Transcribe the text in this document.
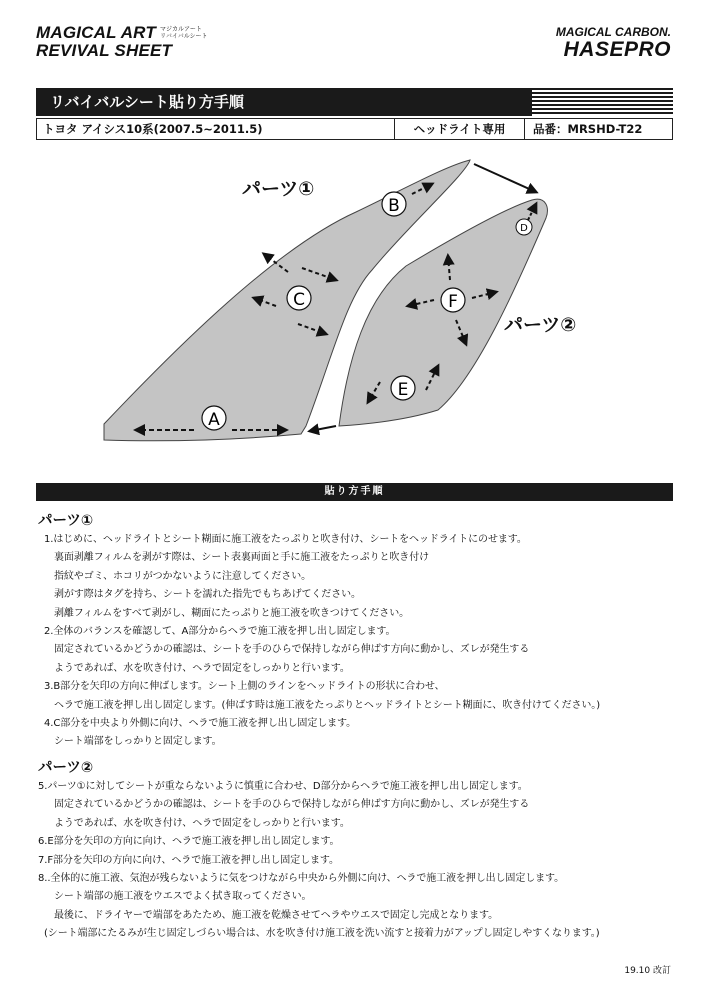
MAGICAL ART
REVIVAL SHEET
マジカルアート
リバイバルシート	MAGICAL CARBON.
HASEPRO
リバイバルシート貼り方手順
トヨタ アイシス10系(2007.5~2011.5)	ヘッドライト専用	品番：MRSHD-T22
パーツ①
パーツ②
A
B
C
D
E
F
貼り方手順
パーツ①
1.はじめに、ヘッドライトとシート糊面に施工液をたっぷりと吹き付け、シートをヘッドライトにのせます。
裏面剥離フィルムを剥がす際は、シート表裏両面と手に施工液をたっぷりと吹き付け
指紋やゴミ、ホコリがつかないように注意してください。
剥がす際はタグを持ち、シートを濡れた指先でもちあげてください。
剥離フィルムをすべて剥がし、糊面にたっぷりと施工液を吹きつけてください。
2.全体のバランスを確認して、A部分からヘラで施工液を押し出し固定します。
固定されているかどうかの確認は、シートを手のひらで保持しながら伸ばす方向に動かし、ズレが発生する
ようであれば、水を吹き付け、ヘラで固定をしっかりと行います。
3.B部分を矢印の方向に伸ばします。シート上側のラインをヘッドライトの形状に合わせ、
ヘラで施工液を押し出し固定します。(伸ばす時は施工液をたっぷりとヘッドライトとシート糊面に、吹き付けてください。)
4.C部分を中央より外側に向け、ヘラで施工液を押し出し固定します。
シート端部をしっかりと固定します。
パーツ②
5.パーツ①に対してシートが重ならないように慎重に合わせ、D部分からヘラで施工液を押し出し固定します。
固定されているかどうかの確認は、シートを手のひらで保持しながら伸ばす方向に動かし、ズレが発生する
ようであれば、水を吹き付け、ヘラで固定をしっかりと行います。
6.E部分を矢印の方向に向け、ヘラで施工液を押し出し固定します。
7.F部分を矢印の方向に向け、ヘラで施工液を押し出し固定します。
8..全体的に施工液、気泡が残らないように気をつけながら中央から外側に向け、ヘラで施工液を押し出し固定します。
シート端部の施工液をウエスでよく拭き取ってください。
最後に、ドライヤーで端部をあたため、施工液を乾燥させてヘラやウエスで固定し完成となります。
(シート端部にたるみが生じ固定しづらい場合は、水を吹き付け施工液を洗い流すと接着力がアップし固定しやすくなります。)
19.10 改訂
